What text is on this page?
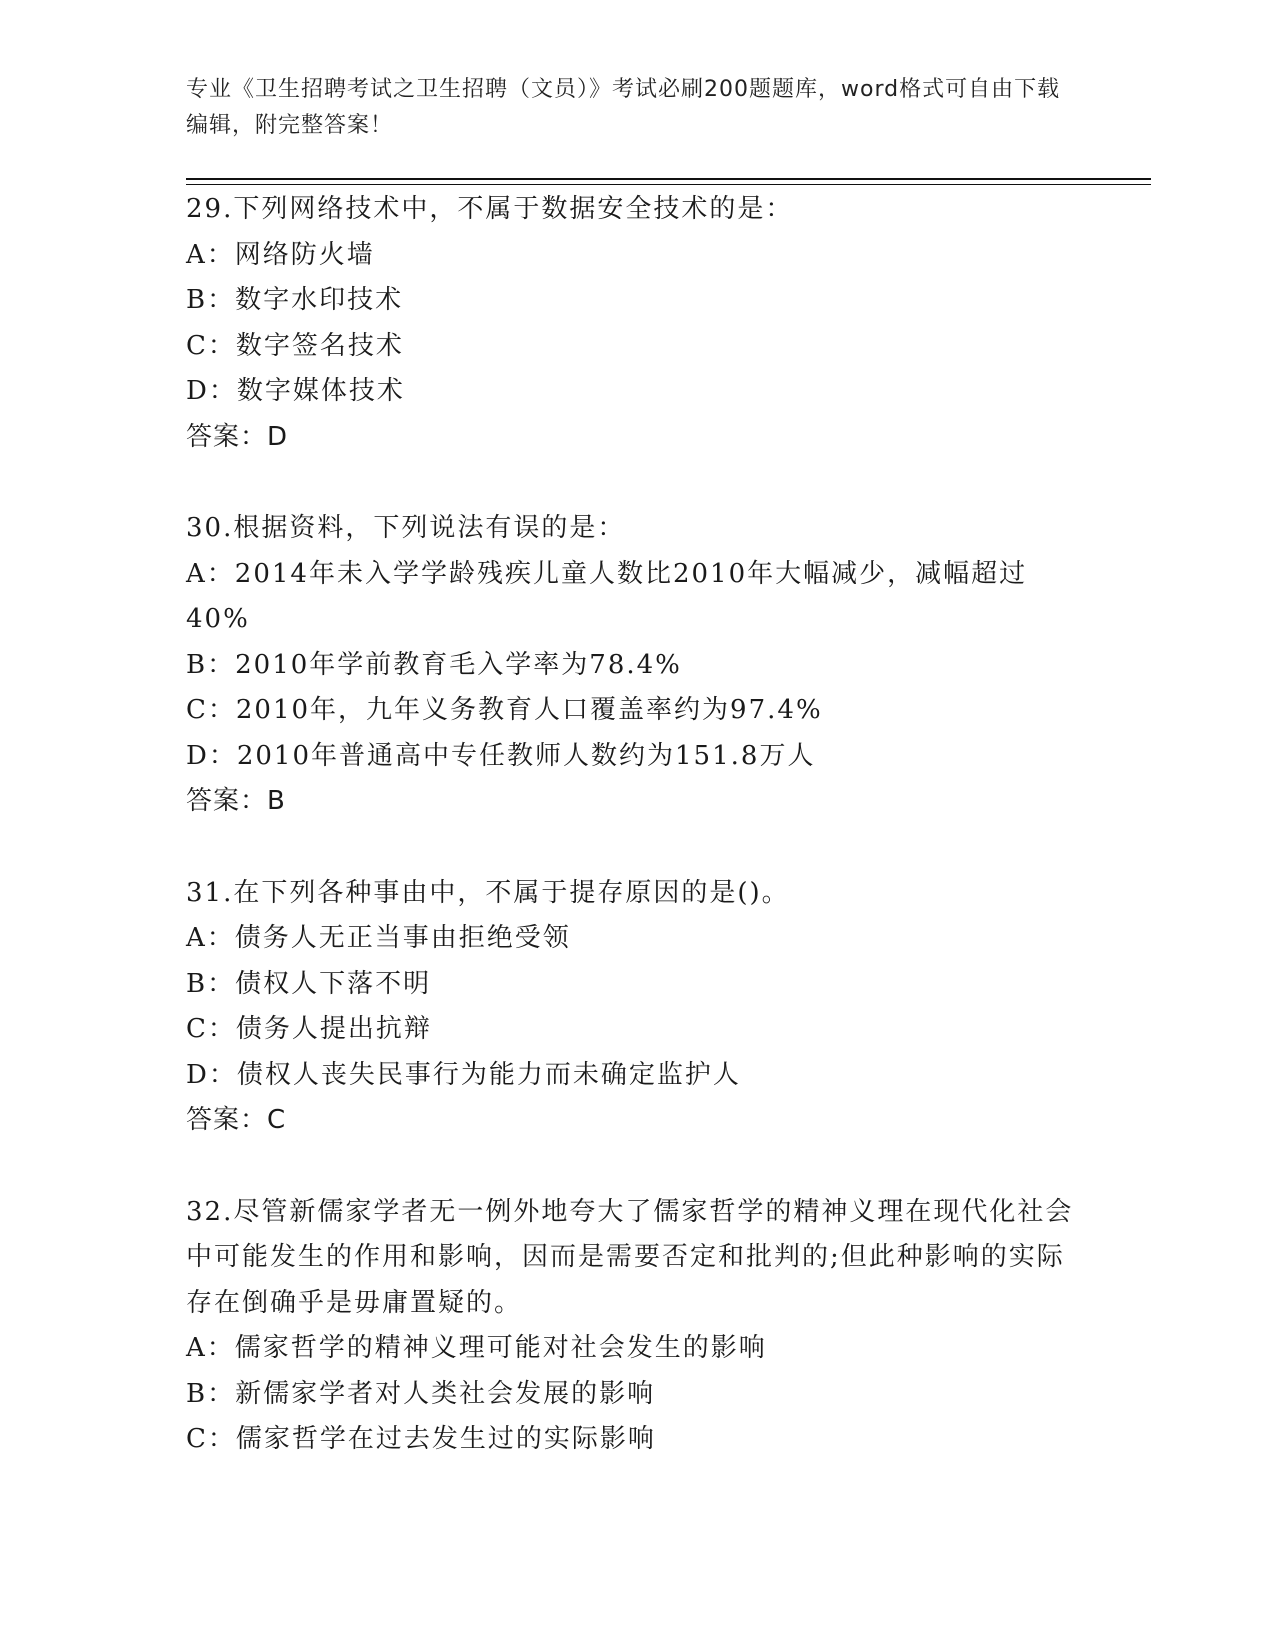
专业《卫生招聘考试之卫生招聘（文员）》考试必刷200题题库，word格式可自由下载编辑，附完整答案！

29.下列网络技术中，不属于数据安全技术的是：

A：网络防火墙

B：数字水印技术

C：数字签名技术

D：数字媒体技术

答案：D

30.根据资料，下列说法有误的是：

A：2014年未入学学龄残疾儿童人数比2010年大幅减少，减幅超过40%

B：2010年学前教育毛入学率为78.4%

C：2010年，九年义务教育人口覆盖率约为97.4%

D：2010年普通高中专任教师人数约为151.8万人

答案：B

31.在下列各种事由中，不属于提存原因的是()。

A：债务人无正当事由拒绝受领

B：债权人下落不明

C：债务人提出抗辩

D：债权人丧失民事行为能力而未确定监护人

答案：C

32.尽管新儒家学者无一例外地夸大了儒家哲学的精神义理在现代化社会中可能发生的作用和影响，因而是需要否定和批判的;但此种影响的实际存在倒确乎是毋庸置疑的。

A：儒家哲学的精神义理可能对社会发生的影响

B：新儒家学者对人类社会发展的影响

C：儒家哲学在过去发生过的实际影响
